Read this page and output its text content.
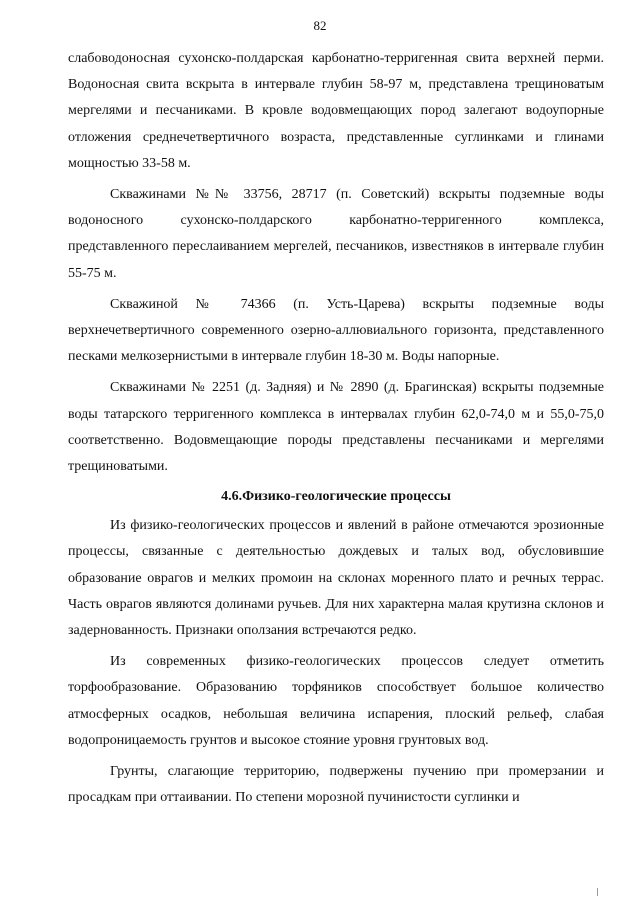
82

слабоводоносная сухонско-полдарская карбонатно-терригенная свита верхней перми. Водоносная свита вскрыта в интервале глубин 58-97 м, представлена трещиноватым мергелями и песчаниками. В кровле водовмещающих пород залегают водоупорные отложения среднечетвертичного возраста, представленные суглинками и глинами мощностью 33-58 м.

Скважинами №№ 33756, 28717 (п. Советский) вскрыты подземные воды водоносного сухонско-полдарского карбонатно-терригенного комплекса, представленного переслаиванием мергелей, песчаников, известняков в интервале глубин 55-75 м.

Скважиной № 74366 (п. Усть-Царева) вскрыты подземные воды верхнечетвертичного современного озерно-аллювиального горизонта, представленного песками мелкозернистыми в интервале глубин 18-30 м. Воды напорные.

Скважинами № 2251 (д. Задняя) и № 2890 (д. Брагинская) вскрыты подземные воды татарского терригенного комплекса в интервалах глубин 62,0-74,0 м и 55,0-75,0 соответственно. Водовмещающие породы представлены песчаниками и мергелями трещиноватыми.

4.6.Физико-геологические процессы

Из физико-геологических процессов и явлений в районе отмечаются эрозионные процессы, связанные с деятельностью дождевых и талых вод, обусловившие образование оврагов и мелких промоин на склонах моренного плато и речных террас. Часть оврагов являются долинами ручьев. Для них характерна малая крутизна склонов и задернованность. Признаки оползания встречаются редко.

Из современных физико-геологических процессов следует отметить торфообразование. Образованию торфяников способствует большое количество атмосферных осадков, небольшая величина испарения, плоский рельеф, слабая водопроницаемость грунтов и высокое стояние уровня грунтовых вод.

Грунты, слагающие территорию, подвержены пучению при промерзании и просадкам при оттаивании. По степени морозной пучинистости суглинки и
